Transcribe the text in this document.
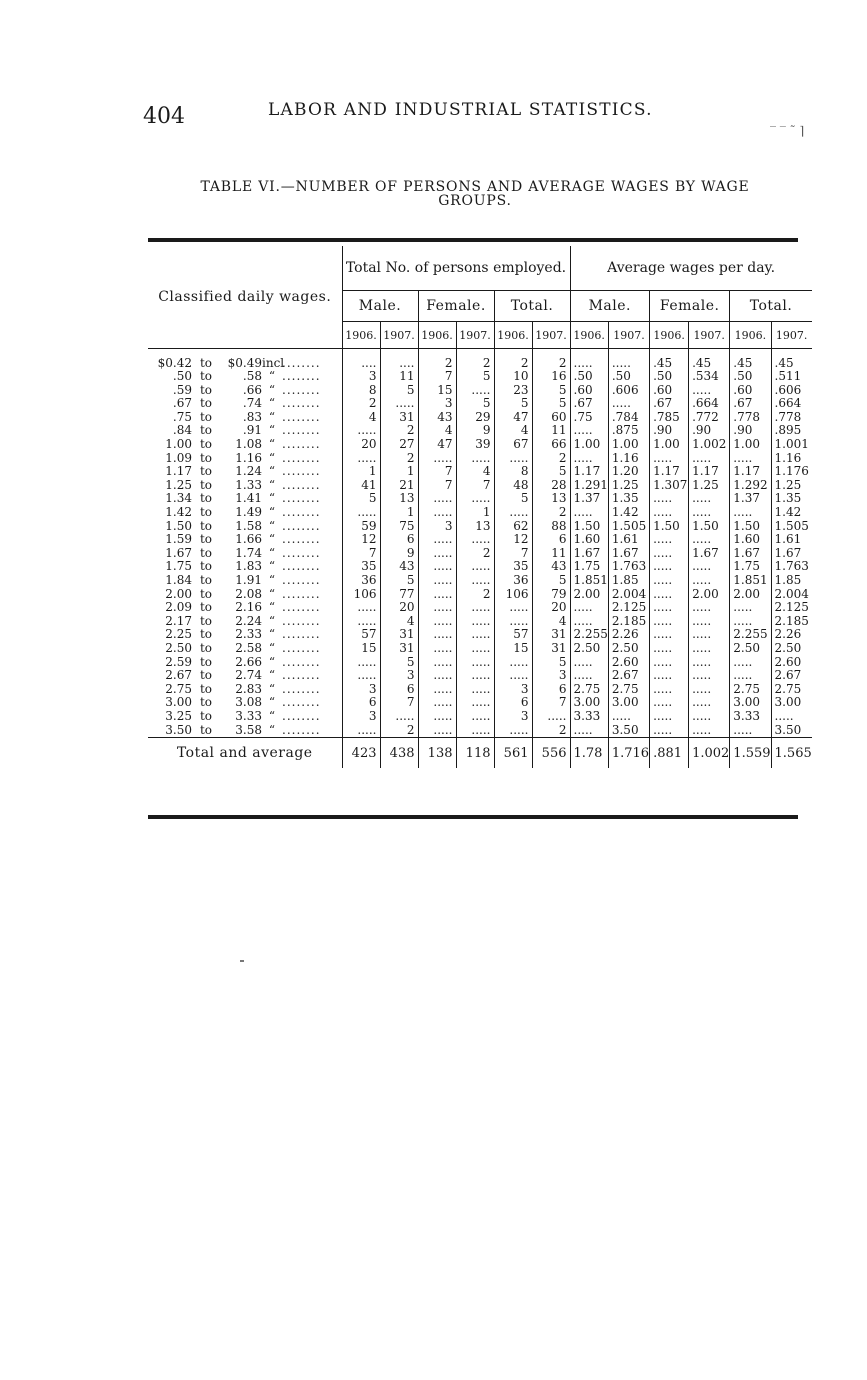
404	LABOR AND INDUSTRIAL STATISTICS.
‾ ‾ ˜ ⌉
TABLE VI.—NUMBER OF PERSONS AND AVERAGE WAGES BY WAGE
GROUPS.
Classified daily wages.	Total No. of persons employed.						Average wages per day.					
	Male.		Female.		Total.		Male.		Female.		Total.	
	1906.	1907.	1906.	1907.	1906.	1907.	1906.	1907.	1906.	1907.	1906.	1907.

$0.42 to $0.49incl........	....	....	2	2	2	2	.....	.....	.45	.45	.45	.45
.50 to .58 “ ........	3	11	7	5	10	16	.50	.50	.50	.534	.50	.511
.59 to .66 “ ........	8	5	15	.....	23	5	.60	.606	.60	.....	.60	.606
.67 to .74 “ ........	2	.....	3	5	5	5	.67	.....	.67	.664	.67	.664
.75 to .83 “ ........	4	31	43	29	47	60	.75	.784	.785	.772	.778	.778
.84 to .91 “ ........	.....	2	4	9	4	11	.....	.875	.90	.90	.90	.895
1.00 to 1.08 “ ........	20	27	47	39	67	66	1.00	1.00	1.00	1.002	1.00	1.001
1.09 to 1.16 “ ........	.....	2	.....	.....	.....	2	.....	1.16	.....	.....	.....	1.16
1.17 to 1.24 “ ........	1	1	7	4	8	5	1.17	1.20	1.17	1.17	1.17	1.176
1.25 to 1.33 “ ........	41	21	7	7	48	28	1.291	1.25	1.307	1.25	1.292	1.25
1.34 to 1.41 “ ........	5	13	.....	.....	5	13	1.37	1.35	.....	.....	1.37	1.35
1.42 to 1.49 “ ........	.....	1	.....	1	.....	2	.....	1.42	.....	.....	.....	1.42
1.50 to 1.58 “ ........	59	75	3	13	62	88	1.50	1.505	1.50	1.50	1.50	1.505
1.59 to 1.66 “ ........	12	6	.....	.....	12	6	1.60	1.61	.....	.....	1.60	1.61
1.67 to 1.74 “ ........	7	9	.....	2	7	11	1.67	1.67	.....	1.67	1.67	1.67
1.75 to 1.83 “ ........	35	43	.....	.....	35	43	1.75	1.763	.....	.....	1.75	1.763
1.84 to 1.91 “ ........	36	5	.....	.....	36	5	1.851	1.85	.....	.....	1.851	1.85
2.00 to 2.08 “ ........	106	77	.....	2	106	79	2.00	2.004	.....	2.00	2.00	2.004
2.09 to 2.16 “ ........	.....	20	.....	.....	.....	20	.....	2.125	.....	.....	.....	2.125
2.17 to 2.24 “ ........	.....	4	.....	.....	.....	4	.....	2.185	.....	.....	.....	2.185
2.25 to 2.33 “ ........	57	31	.....	.....	57	31	2.255	2.26	.....	.....	2.255	2.26
2.50 to 2.58 “ ........	15	31	.....	.....	15	31	2.50	2.50	.....	.....	2.50	2.50
2.59 to 2.66 “ ........	.....	5	.....	.....	.....	5	.....	2.60	.....	.....	.....	2.60
2.67 to 2.74 “ ........	.....	3	.....	.....	.....	3	.....	2.67	.....	.....	.....	2.67
2.75 to 2.83 “ ........	3	6	.....	.....	3	6	2.75	2.75	.....	.....	2.75	2.75
3.00 to 3.08 “ ........	6	7	.....	.....	6	7	3.00	3.00	.....	.....	3.00	3.00
3.25 to 3.33 “ ........	3	.....	.....	.....	3	.....	3.33	.....	.....	.....	3.33	.....
3.50 to 3.58 “ ........	.....	2	.....	.....	.....	2	.....	3.50	.....	.....	.....	3.50
Total and average	423	438	138	118	561	556	1.78	1.716	.881	1.002	1.559	1.565
